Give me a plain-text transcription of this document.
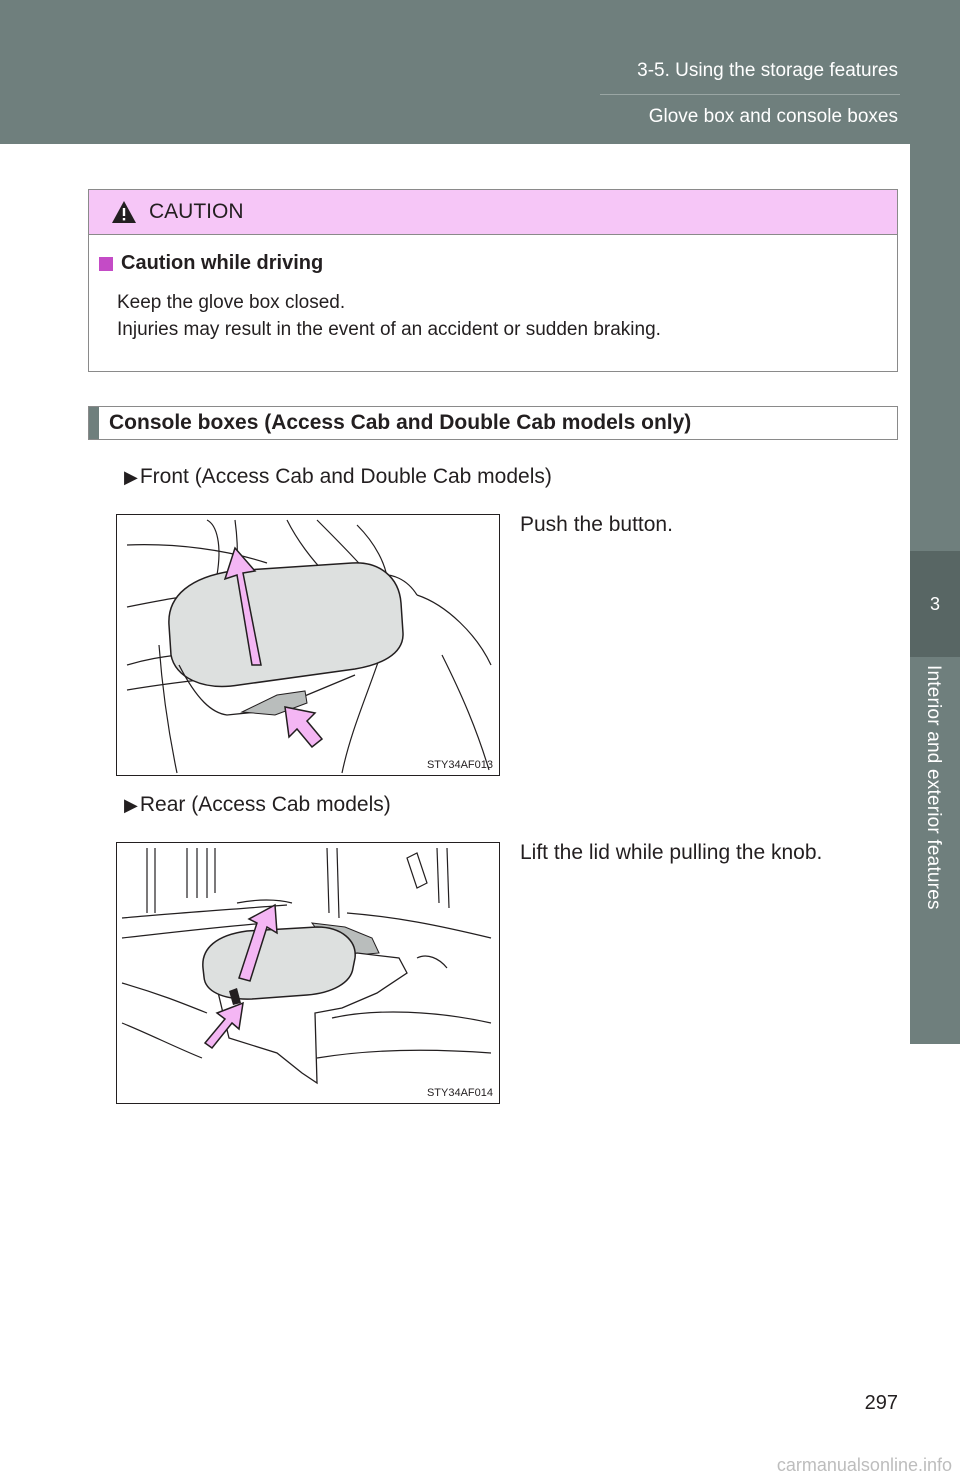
3-5. Using the storage features
Glove box and console boxes
3
Interior and exterior features
CAUTION
Caution while driving
Keep the glove box closed.
Injuries may result in the event of an accident or sudden braking.
Console boxes (Access Cab and Double Cab models only)
▶Front (Access Cab and Double Cab models)
Push the button.
STY34AF013
▶Rear (Access Cab models)
Lift the lid while pulling the knob.
STY34AF014
297
carmanualsonline.info
